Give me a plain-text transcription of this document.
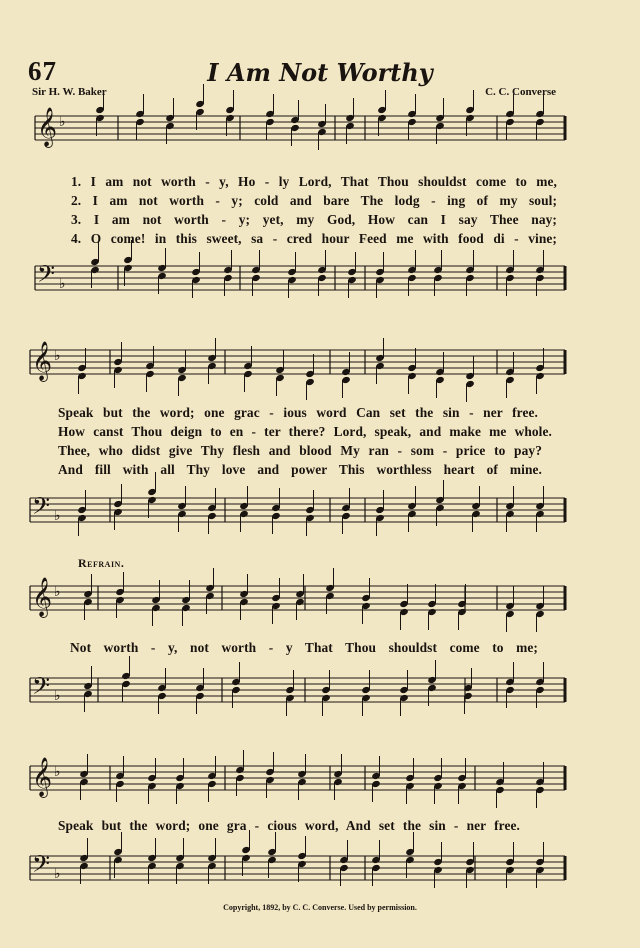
67	I Am Not Worthy
Sir H. W. Baker	C. C. Converse
𝄞 ♭
𝄢 ♭
1. I am not worth - y, Ho - ly Lord, That Thou shouldst come to me,
2. I am not worth - y; cold and bare The lodg - ing of my soul;
3. I am not worth - y; yet, my God, How can I say Thee nay;
4. O come! in this sweet, sa - cred hour Feed me with food di - vine;
𝄞 ♭
𝄢 ♭
Speak but the word; one grac - ious word Can set the sin - ner free.
How canst Thou deign to en - ter there? Lord, speak, and make me whole.
Thee, who didst give Thy flesh and blood My ran - som - price to pay?
And fill with all Thy love and power This worthless heart of mine.
Refrain.
𝄞 ♭
Not worth - y, not worth - y That Thou shouldst come to me;
𝄢 ♭
𝄞 ♭
Speak but the word; one gra - cious word, And set the sin - ner free.
𝄢 ♭
Copyright, 1892, by C. C. Converse. Used by permission.
